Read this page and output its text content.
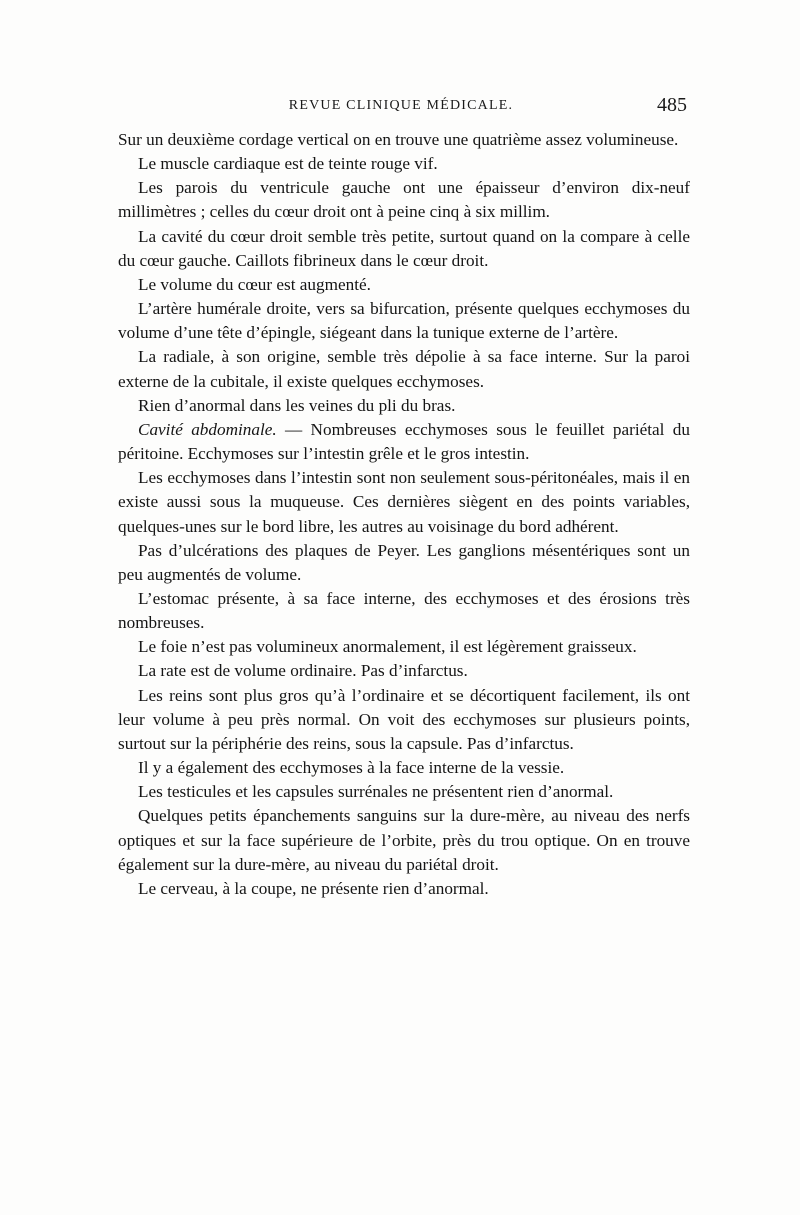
REVUE CLINIQUE MÉDICALE.	485

Sur un deuxième cordage vertical on en trouve une quatrième assez volumineuse.

Le muscle cardiaque est de teinte rouge vif.

Les parois du ventricule gauche ont une épaisseur d’environ dix-neuf millimètres ; celles du cœur droit ont à peine cinq à six millim.

La cavité du cœur droit semble très petite, surtout quand on la compare à celle du cœur gauche. Caillots fibrineux dans le cœur droit.

Le volume du cœur est augmenté.

L’artère humérale droite, vers sa bifurcation, présente quelques ecchymoses du volume d’une tête d’épingle, siégeant dans la tunique externe de l’artère.

La radiale, à son origine, semble très dépolie à sa face interne. Sur la paroi externe de la cubitale, il existe quelques ecchymoses.

Rien d’anormal dans les veines du pli du bras.

Cavité abdominale. — Nombreuses ecchymoses sous le feuillet pariétal du péritoine. Ecchymoses sur l’intestin grêle et le gros intestin.

Les ecchymoses dans l’intestin sont non seulement sous-péritonéales, mais il en existe aussi sous la muqueuse. Ces dernières siègent en des points variables, quelques-unes sur le bord libre, les autres au voisinage du bord adhérent.

Pas d’ulcérations des plaques de Peyer. Les ganglions mésentériques sont un peu augmentés de volume.

L’estomac présente, à sa face interne, des ecchymoses et des érosions très nombreuses.

Le foie n’est pas volumineux anormalement, il est légèrement graisseux.

La rate est de volume ordinaire. Pas d’infarctus.

Les reins sont plus gros qu’à l’ordinaire et se décortiquent facilement, ils ont leur volume à peu près normal. On voit des ecchymoses sur plusieurs points, surtout sur la périphérie des reins, sous la capsule. Pas d’infarctus.

Il y a également des ecchymoses à la face interne de la vessie.

Les testicules et les capsules surrénales ne présentent rien d’anormal.

Quelques petits épanchements sanguins sur la dure-mère, au niveau des nerfs optiques et sur la face supérieure de l’orbite, près du trou optique. On en trouve également sur la dure-mère, au niveau du pariétal droit.

Le cerveau, à la coupe, ne présente rien d’anormal.
